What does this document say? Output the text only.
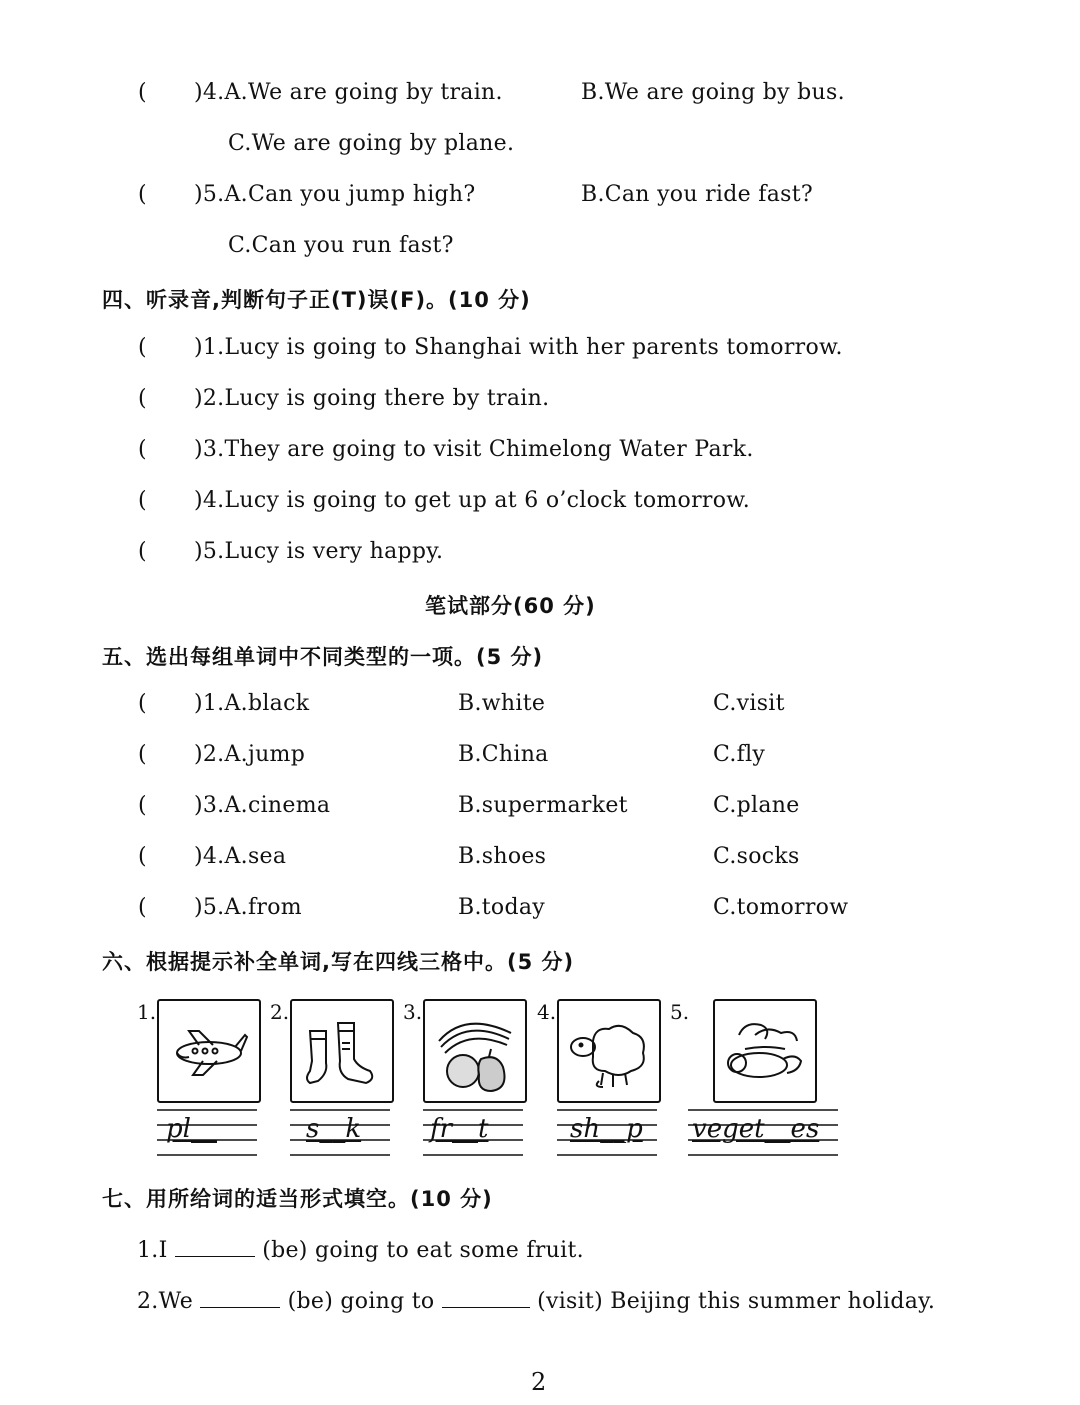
( )4.A.We are going by train.	B.We are going by bus.
C.We are going by plane.
( )5.A.Can you jump high?	B.Can you ride fast?
C.Can you run fast?
四、听录音,判断句子正(T)误(F)。(10 分)
( )1.Lucy is going to Shanghai with her parents tomorrow.
( )2.Lucy is going there by train.
( )3.They are going to visit Chimelong Water Park.
( )4.Lucy is going to get up at 6 o’clock tomorrow.
( )5.Lucy is very happy.
笔试部分(60 分)
五、选出每组单词中不同类型的一项。(5 分)
( )1.A.black	B.white	C.visit
( )2.A.jump	B.China	C.fly
( )3.A.cinema	B.supermarket	C.plane
( )4.A.sea	B.shoes	C.socks
( )5.A.from	B.today	C.tomorrow
六、根据提示补全单词,写在四线三格中。(5 分)
1.	2.	3.	4.	5.
pl__	s__k	fr__t	sh__p veget__es
七、用所给词的适当形式填空。(10 分)
1.I	(be) going to eat some fruit.
2.We	(be) going to	(visit) Beijing this summer holiday.
2
